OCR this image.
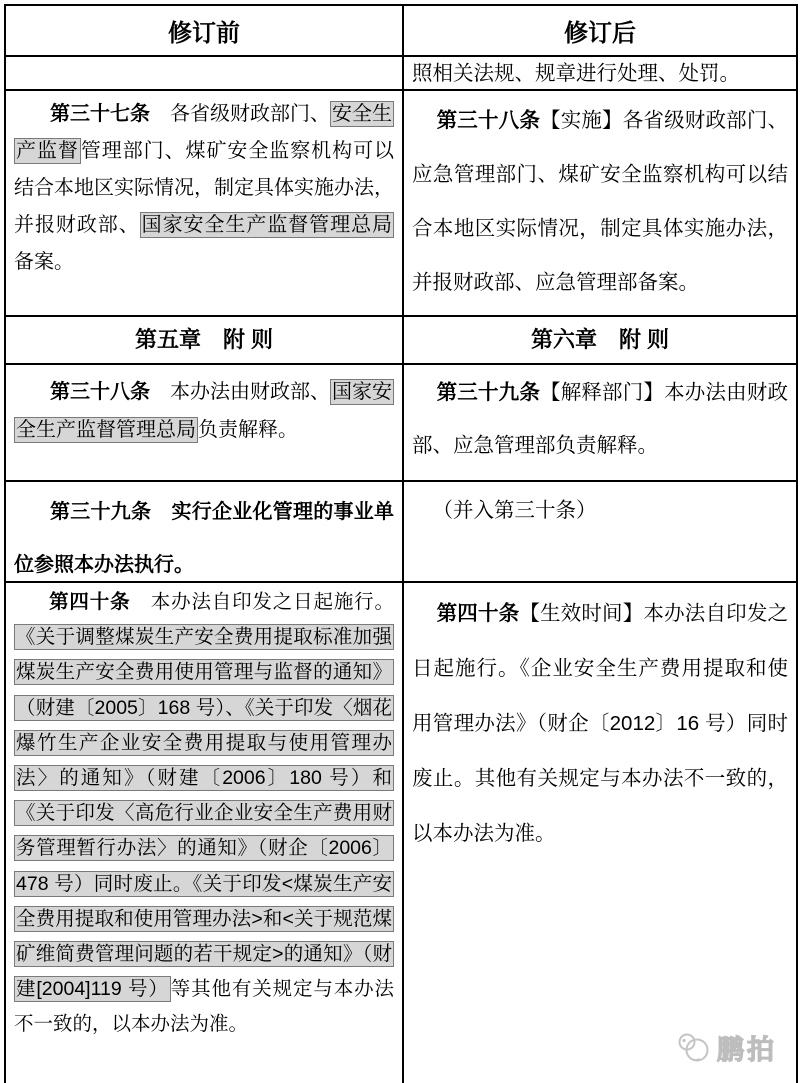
修订前	修订后

	照相关法规、规章进行处理、处罚。

第三十七条　各省级财政部门、 安全生产监督 管理部门、煤矿安全监察机构可以结合本地区实际情况，制定具体实施办法，并报财政部、 国家安全生产监督管理总局备案。	第三十八条【实施】各省级财政部门、应急管理部门、煤矿安全监察机构可以结合本地区实际情况，制定具体实施办法，并报财政部、应急管理部备案。

第五章　附 则	第六章　附 则

第三十八条　本办法由财政部、 国家安全生产监督管理总局 负责解释。	第三十九条【解释部门】本办法由财政部、应急管理部负责解释。

第三十九条　实行企业化管理的事业单位参照本办法执行。	（并入第三十条）

第四十条　本办法自印发之日起施行。《关于调整煤炭生产安全费用提取标准加强煤炭生产安全费用使用管理与监督的通知》（财建〔2005〕168 号）、《关于印发〈烟花爆竹生产企业安全费用提取与使用管理办法〉的通知》（财建〔2006〕180 号）和《关于印发〈高危行业企业安全生产费用财务管理暂行办法〉的通知》（财企〔2006〕478 号）同时废止。《关于印发<煤炭生产安全费用提取和使用管理办法>和<关于规范煤矿维简费管理问题的若干规定>的通知》（财建[2004]119 号） 等其他有关规定与本办法不一致的，以本办法为准。	第四十条【生效时间】本办法自印发之日起施行。《企业安全生产费用提取和使用管理办法》（财企〔2012〕16 号）同时废止。其他有关规定与本办法不一致的，以本办法为准。

鹏拍
